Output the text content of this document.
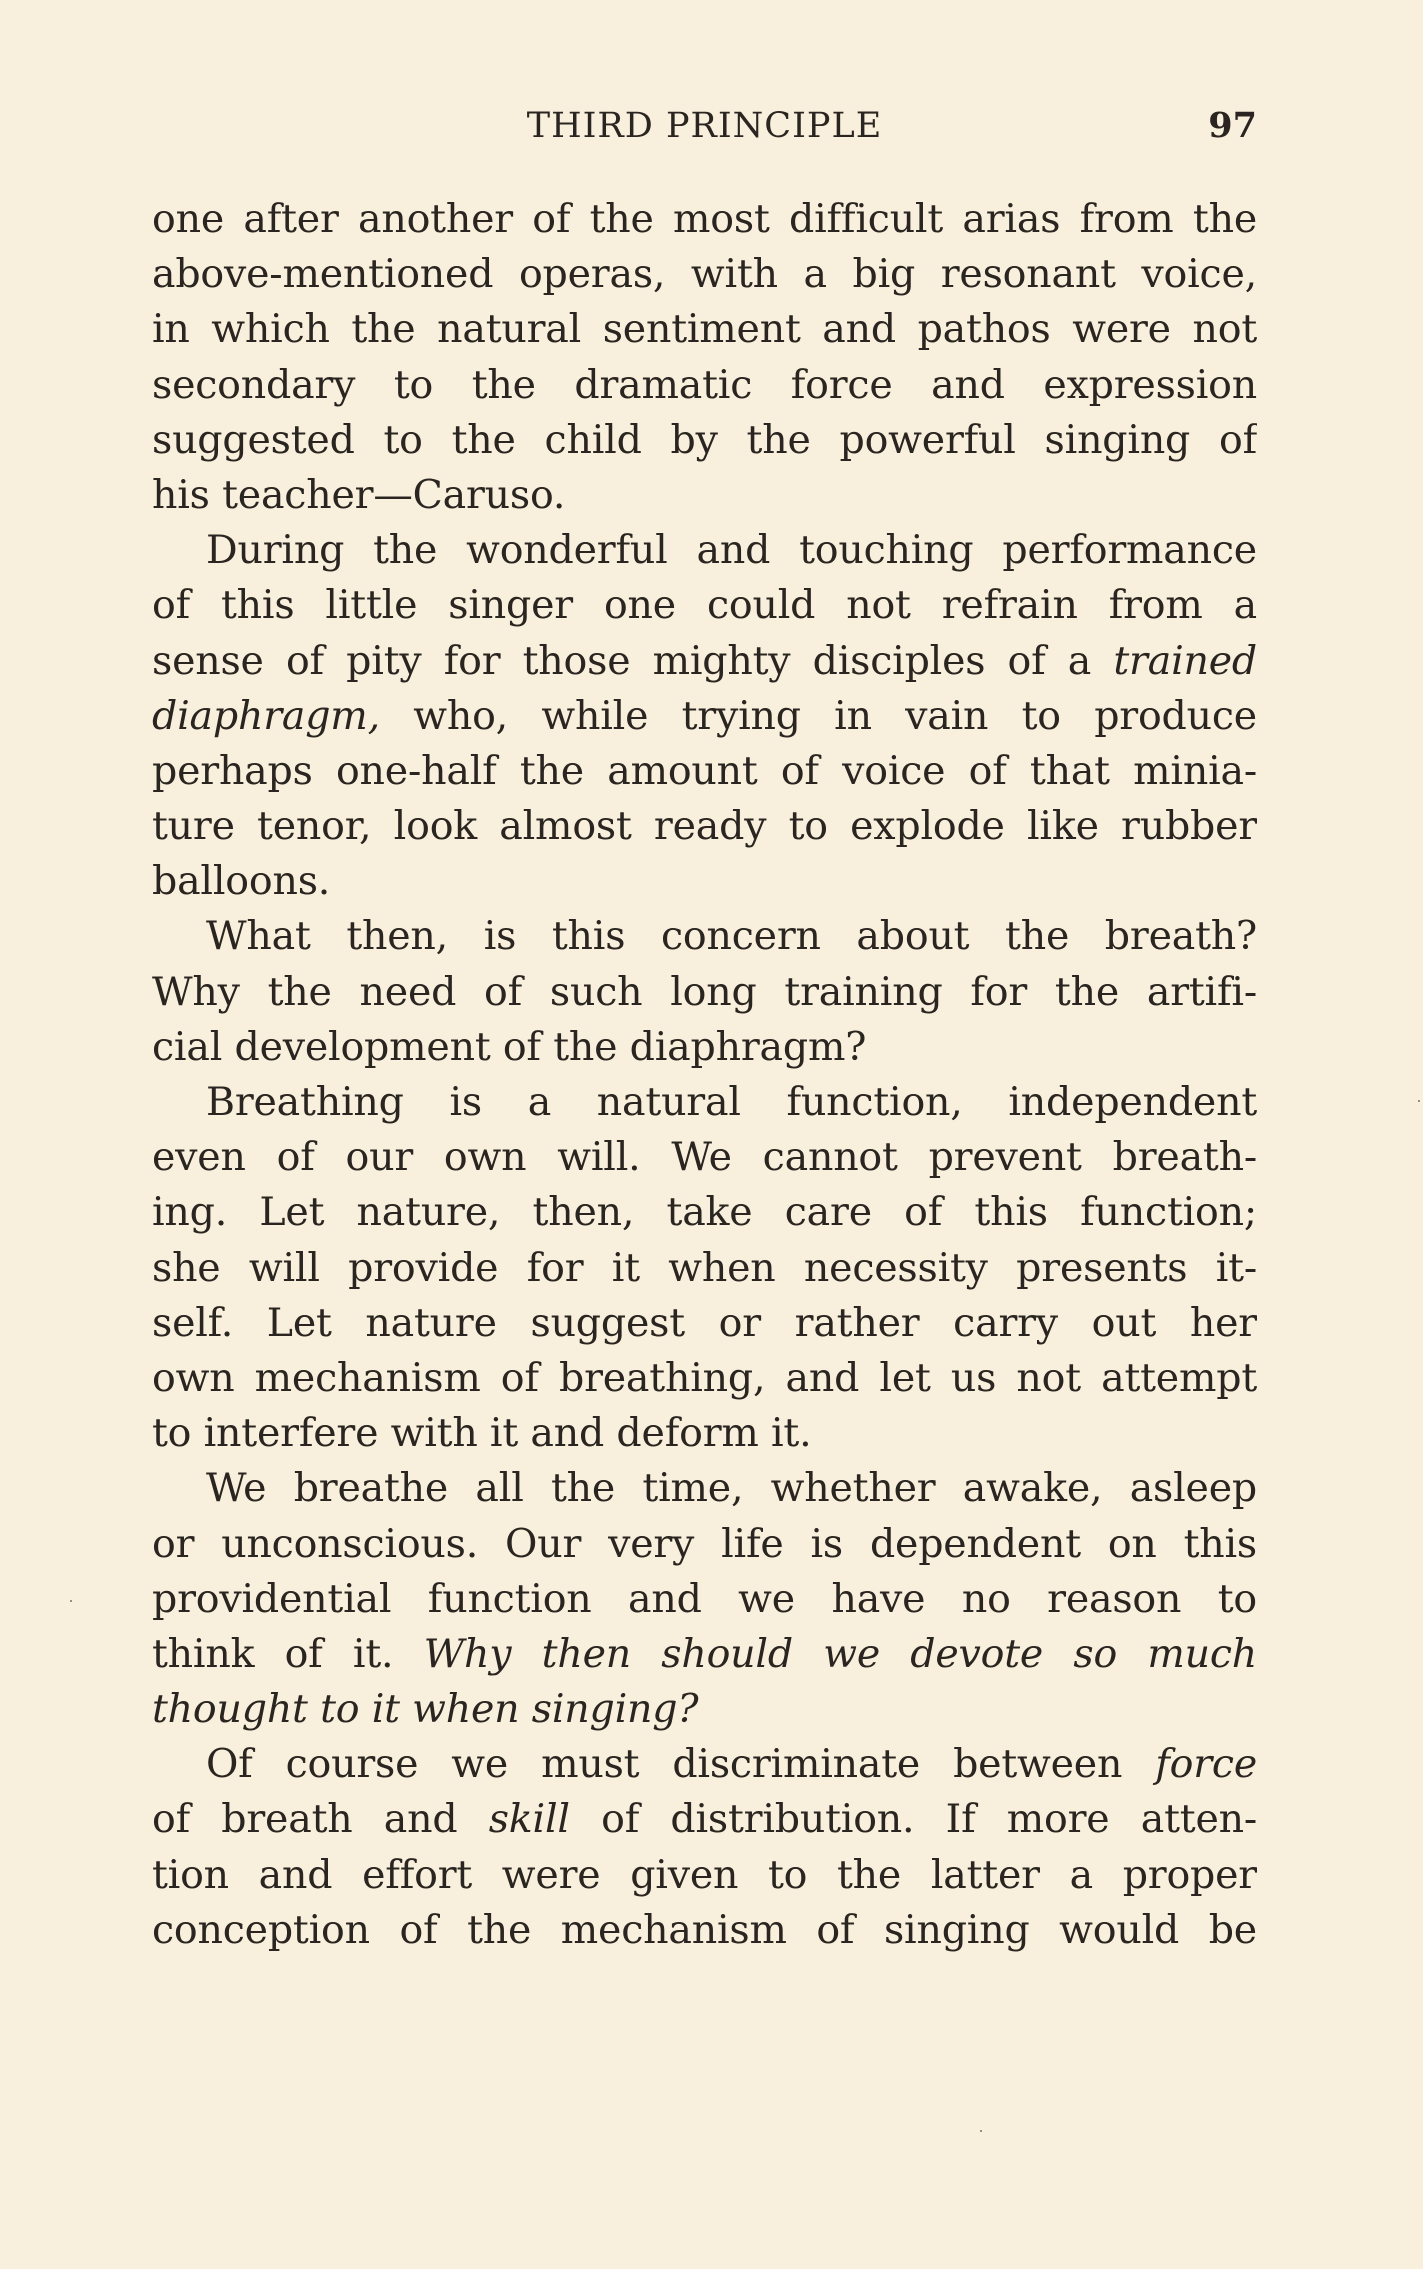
THIRD PRINCIPLE	97
one after another of the most difficult arias from the
above-mentioned operas, with a big resonant voice,
in which the natural sentiment and pathos were not
secondary to the dramatic force and expression
suggested to the child by the powerful singing of
his teacher—Caruso.
During the wonderful and touching performance
of this little singer one could not refrain from a
sense of pity for those mighty disciples of a trained
diaphragm, who, while trying in vain to produce
perhaps one-half the amount of voice of that minia-
ture tenor, look almost ready to explode like rubber
balloons.
What then, is this concern about the breath?
Why the need of such long training for the artifi-
cial development of the diaphragm?
Breathing is a natural function, independent
even of our own will. We cannot prevent breath-
ing. Let nature, then, take care of this function;
she will provide for it when necessity presents it-
self. Let nature suggest or rather carry out her
own mechanism of breathing, and let us not attempt
to interfere with it and deform it.
We breathe all the time, whether awake, asleep
or unconscious. Our very life is dependent on this
providential function and we have no reason to
think of it. Why then should we devote so much
thought to it when singing?
Of course we must discriminate between force
of breath and skill of distribution. If more atten-
tion and effort were given to the latter a proper
conception of the mechanism of singing would be
